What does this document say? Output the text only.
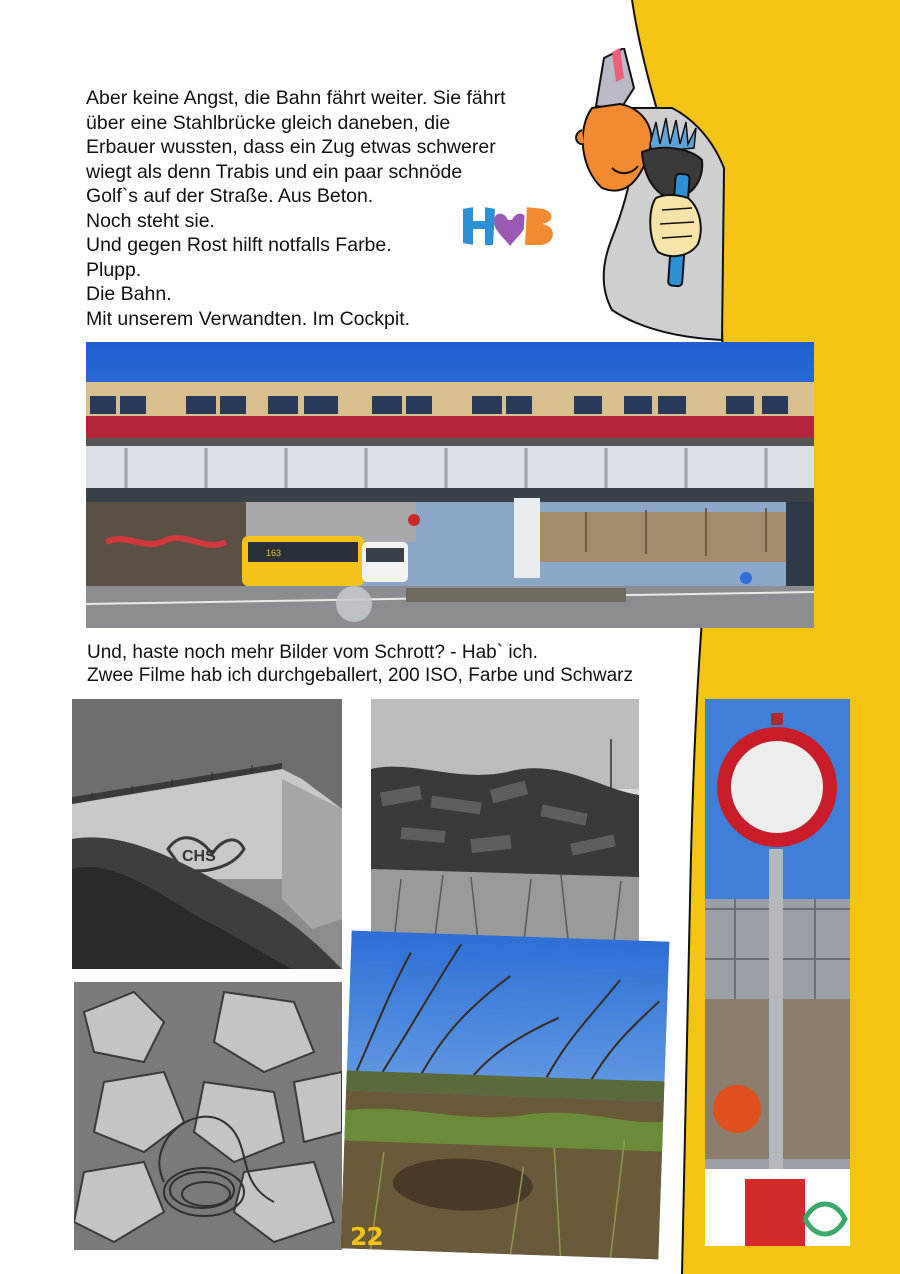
Aber keine Angst, die Bahn fährt weiter. Sie fährt
über eine Stahlbrücke gleich daneben, die
Erbauer wussten, dass ein Zug etwas schwerer
wiegt als denn Trabis und ein paar schnöde
Golf`s auf der Straße. Aus Beton.
Noch steht sie.
Und gegen Rost hilft notfalls Farbe.
Plupp.
Die Bahn.
Mit unserem Verwandten. Im Cockpit.
HOB
163
Und, haste noch mehr Bilder vom Schrott? - Hab` ich.
Zwee Filme hab ich durchgeballert, 200 ISO, Farbe und Schwarz Weiß.
CHS
22
